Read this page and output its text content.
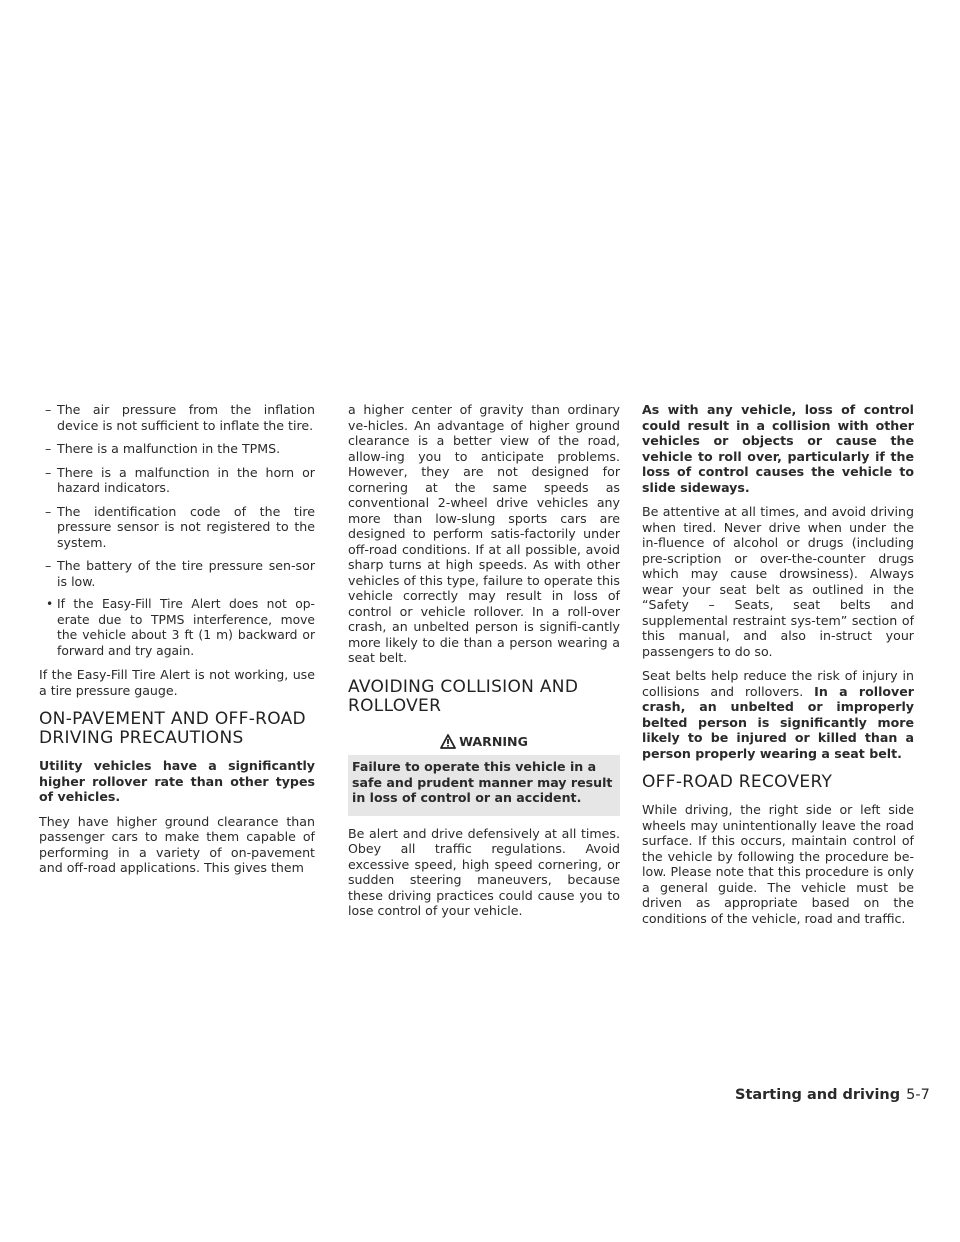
– The air pressure from the inflation device is not sufficient to inflate the tire.
– There is a malfunction in the TPMS.
– There is a malfunction in the horn or hazard indicators.
– The identification code of the tire pressure sensor is not registered to the system.
– The battery of the tire pressure sen-sor is low.
• If the Easy-Fill Tire Alert does not op-erate due to TPMS interference, move the vehicle about 3 ft (1 m) backward or forward and try again.

If the Easy-Fill Tire Alert is not working, use a tire pressure gauge.

ON-PAVEMENT AND OFF-ROAD
DRIVING PRECAUTIONS

Utility vehicles have a significantly higher rollover rate than other types of vehicles.

They have higher ground clearance than passenger cars to make them capable of performing in a variety of on-pavement and off-road applications. This gives them

a higher center of gravity than ordinary ve-hicles. An advantage of higher ground clearance is a better view of the road, allow-ing you to anticipate problems. However, they are not designed for cornering at the same speeds as conventional 2-wheel drive vehicles any more than low-slung sports cars are designed to perform satis-factorily under off-road conditions. If at all possible, avoid sharp turns at high speeds. As with other vehicles of this type, failure to operate this vehicle correctly may result in loss of control or vehicle rollover. In a roll-over crash, an unbelted person is signifi-cantly more likely to die than a person wearing a seat belt.

AVOIDING COLLISION AND
ROLLOVER
WARNING
Failure to operate this vehicle in a safe and prudent manner may result in loss of control or an accident.

Be alert and drive defensively at all times. Obey all traffic regulations. Avoid excessive speed, high speed cornering, or sudden steering maneuvers, because these driving practices could cause you to lose control of your vehicle.

As with any vehicle, loss of control could result in a collision with other vehicles or objects or cause the vehicle to roll over, particularly if the loss of control causes the vehicle to slide sideways.

Be attentive at all times, and avoid driving when tired. Never drive when under the in-fluence of alcohol or drugs (including pre-scription or over-the-counter drugs which may cause drowsiness). Always wear your seat belt as outlined in the “Safety – Seats, seat belts and supplemental restraint sys-tem” section of this manual, and also in-struct your passengers to do so.

Seat belts help reduce the risk of injury in collisions and rollovers. In a rollover crash, an unbelted or improperly belted person is significantly more likely to be injured or killed than a person properly wearing a seat belt.

OFF-ROAD RECOVERY

While driving, the right side or left side wheels may unintentionally leave the road surface. If this occurs, maintain control of the vehicle by following the procedure be-low. Please note that this procedure is only a general guide. The vehicle must be driven as appropriate based on the conditions of the vehicle, road and traffic.

Starting and driving 5-7
